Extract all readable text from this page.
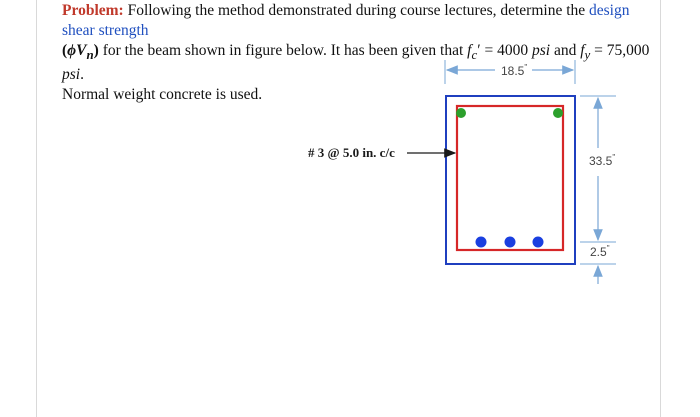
Problem: Following the method demonstrated during course lectures, determine the design shear strength
$(\phi V_n)$ for the beam shown in figure below. It has been given that $f_c' = 4000$ psi and $f_y = 75,000$ psi.
Normal weight concrete is used.
18.5"
# 3 @ 5.0 in. c/c
33.5"
2.5"
